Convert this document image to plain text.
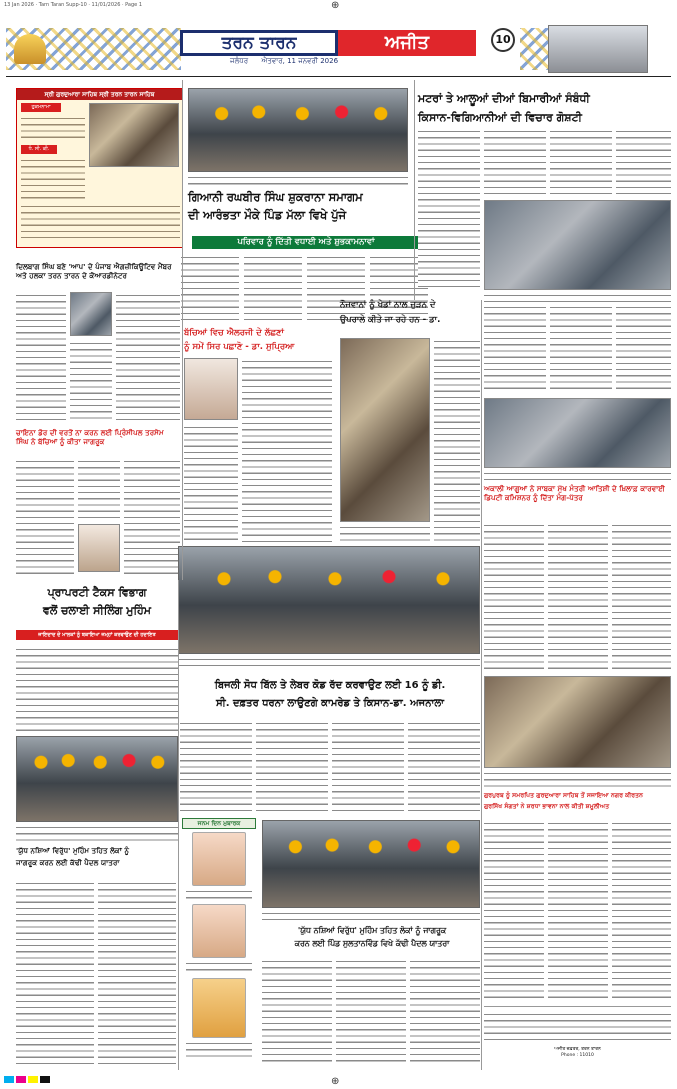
13 Jan 2026 · Tarn Taran Supp-10 · 11/01/2026 · Page 1	⊕
⊕
ਤਰਨ ਤਾਰਨ	ਅਜੀਤ
ਜਲੰਧਰ ਐਤਵਾਰ, 11 ਜਨਵਰੀ 2026
10
ਸ੍ਰੀ ਗੁਰਦੁਆਰਾ ਸਾਹਿਬ ਸ੍ਰੀ ਤਰਨ ਤਾਰਨ ਸਾਹਿਬ
ਹੁਕਮਨਾਮਾ
ਧੰ. ਸੀ. ਕੀ.
ਗਿਆਨੀ ਰਘਬੀਰ ਸਿੰਘ ਸ਼ੁਕਰਾਨਾ ਸਮਾਗਮ
ਦੀ ਆਰੰਭਤਾ ਮੌਕੇ ਪਿੰਡ ਮੱਲਾ ਵਿਖੇ ਪੁੱਜੇ
ਪਰਿਵਾਰ ਨੂੰ ਦਿੱਤੀ ਵਧਾਈ ਅਤੇ ਸ਼ੁਭਕਾਮਨਾਵਾਂ
ਮਟਰਾਂ ਤੇ ਆਲੂਆਂ ਦੀਆਂ ਬਿਮਾਰੀਆਂ ਸੰਬੰਧੀ
ਕਿਸਾਨ-ਵਿਗਿਆਨੀਆਂ ਦੀ ਵਿਚਾਰ ਗੋਸ਼ਟੀ
ਦਿਲਬਾਗ ਸਿੰਘ ਬਣੇ 'ਆਪ' ਦੇ ਪੰਜਾਬ ਐਗਜ਼ੀਕਿਊਟਿਵ ਮੈਂਬਰ ਅਤੇ ਹਲਕਾ ਤਰਨ ਤਾਰਨ ਦੇ ਕੋਆਰਡੀਨੇਟਰ
ਬੱਚਿਆਂ ਵਿਚ ਐਲਰਜੀ ਦੇ ਲੱਛਣਾਂ
ਨੂੰ ਸਮੇਂ ਸਿਰ ਪਛਾਣੋ - ਡਾ. ਸੁਪ੍ਰਿਆ
ਨੌਜਵਾਨਾਂ ਨੂੰ ਖੇਡਾਂ ਨਾਲ ਜੁੜਨ ਦੇ
ਉਪਰਾਲੇ ਕੀਤੇ ਜਾ ਰਹੇ ਹਨ - ਡਾ.
ਅਕਾਲੀ ਆਗੂਆਂ ਨੇ ਸਾਬਕਾ ਮੁੱਖ ਮੰਤਰੀ ਆਤਿਸ਼ੀ ਦੇ ਖ਼ਿਲਾਫ਼ ਕਾਰਵਾਈ ਡਿਪਟੀ ਕਮਿਸ਼ਨਰ ਨੂੰ ਦਿੱਤਾ ਮੰਗ-ਪੱਤਰ
ਚਾਇਨਾ ਡੋਰ ਦੀ ਵਰਤੋਂ ਨਾ ਕਰਨ ਲਈ ਪ੍ਰਿੰਸੀਪਲ ਤਰਸੇਮ ਸਿੰਘ ਨੇ ਬੱਚਿਆਂ ਨੂੰ ਕੀਤਾ ਜਾਗਰੂਕ
ਪ੍ਰਾਪਰਟੀ ਟੈਕਸ ਵਿਭਾਗ
ਵਲੋਂ ਚਲਾਈ ਸੀਲਿੰਗ ਮੁਹਿੰਮ
ਜਾਇਦਾਦ ਦੇ ਮਾਲਕਾਂ ਨੂੰ ਬਕਾਇਆ ਜਮ੍ਹਾਂ ਕਰਵਾਉਣ ਦੀ ਹਦਾਇਤ
ਬਿਜਲੀ ਸੋਧ ਬਿੱਲ ਤੇ ਲੇਬਰ ਕੋਡ ਰੱਦ ਕਰਵਾਉਣ ਲਈ 16 ਨੂੰ ਡੀ.
ਸੀ. ਦਫ਼ਤਰ ਧਰਨਾ ਲਾਉਣਗੇ ਕਾਮਰੇਡ ਤੇ ਕਿਸਾਨ-ਡਾ. ਅਜਨਾਲਾ
ਗੁਰਪੁਰਬ ਨੂੰ ਸਮਰਪਿਤ ਗੁਰਦੁਆਰਾ ਸਾਹਿਬ ਤੋਂ ਸਜਾਇਆ ਨਗਰ ਕੀਰਤਨ
ਗੁਰਸਿੱਖ ਸੰਗਤਾਂ ਨੇ ਸ਼ਰਧਾ ਭਾਵਨਾ ਨਾਲ ਕੀਤੀ ਸ਼ਮੂਲੀਅਤ
ਅਜੀਤ ਦਫ਼ਤਰ, ਤਰਨ ਤਾਰਨ
Phone : 11010
'ਯੁੱਧ ਨਸ਼ਿਆਂ ਵਿਰੁੱਧ' ਮੁਹਿੰਮ ਤਹਿਤ ਲੋਕਾਂ ਨੂੰ
ਜਾਗਰੂਕ ਕਰਨ ਲਈ ਕੱਢੀ ਪੈਦਲ ਯਾਤਰਾ
ਜਨਮ ਦਿਨ ਮੁਬਾਰਕ
'ਯੁੱਧ ਨਸ਼ਿਆਂ ਵਿਰੁੱਧ' ਮੁਹਿੰਮ ਤਹਿਤ ਲੋਕਾਂ ਨੂੰ ਜਾਗਰੂਕ
ਕਰਨ ਲਈ ਪਿੰਡ ਸੁਲਤਾਨਵਿੰਡ ਵਿਖੇ ਕੱਢੀ ਪੈਦਲ ਯਾਤਰਾ
